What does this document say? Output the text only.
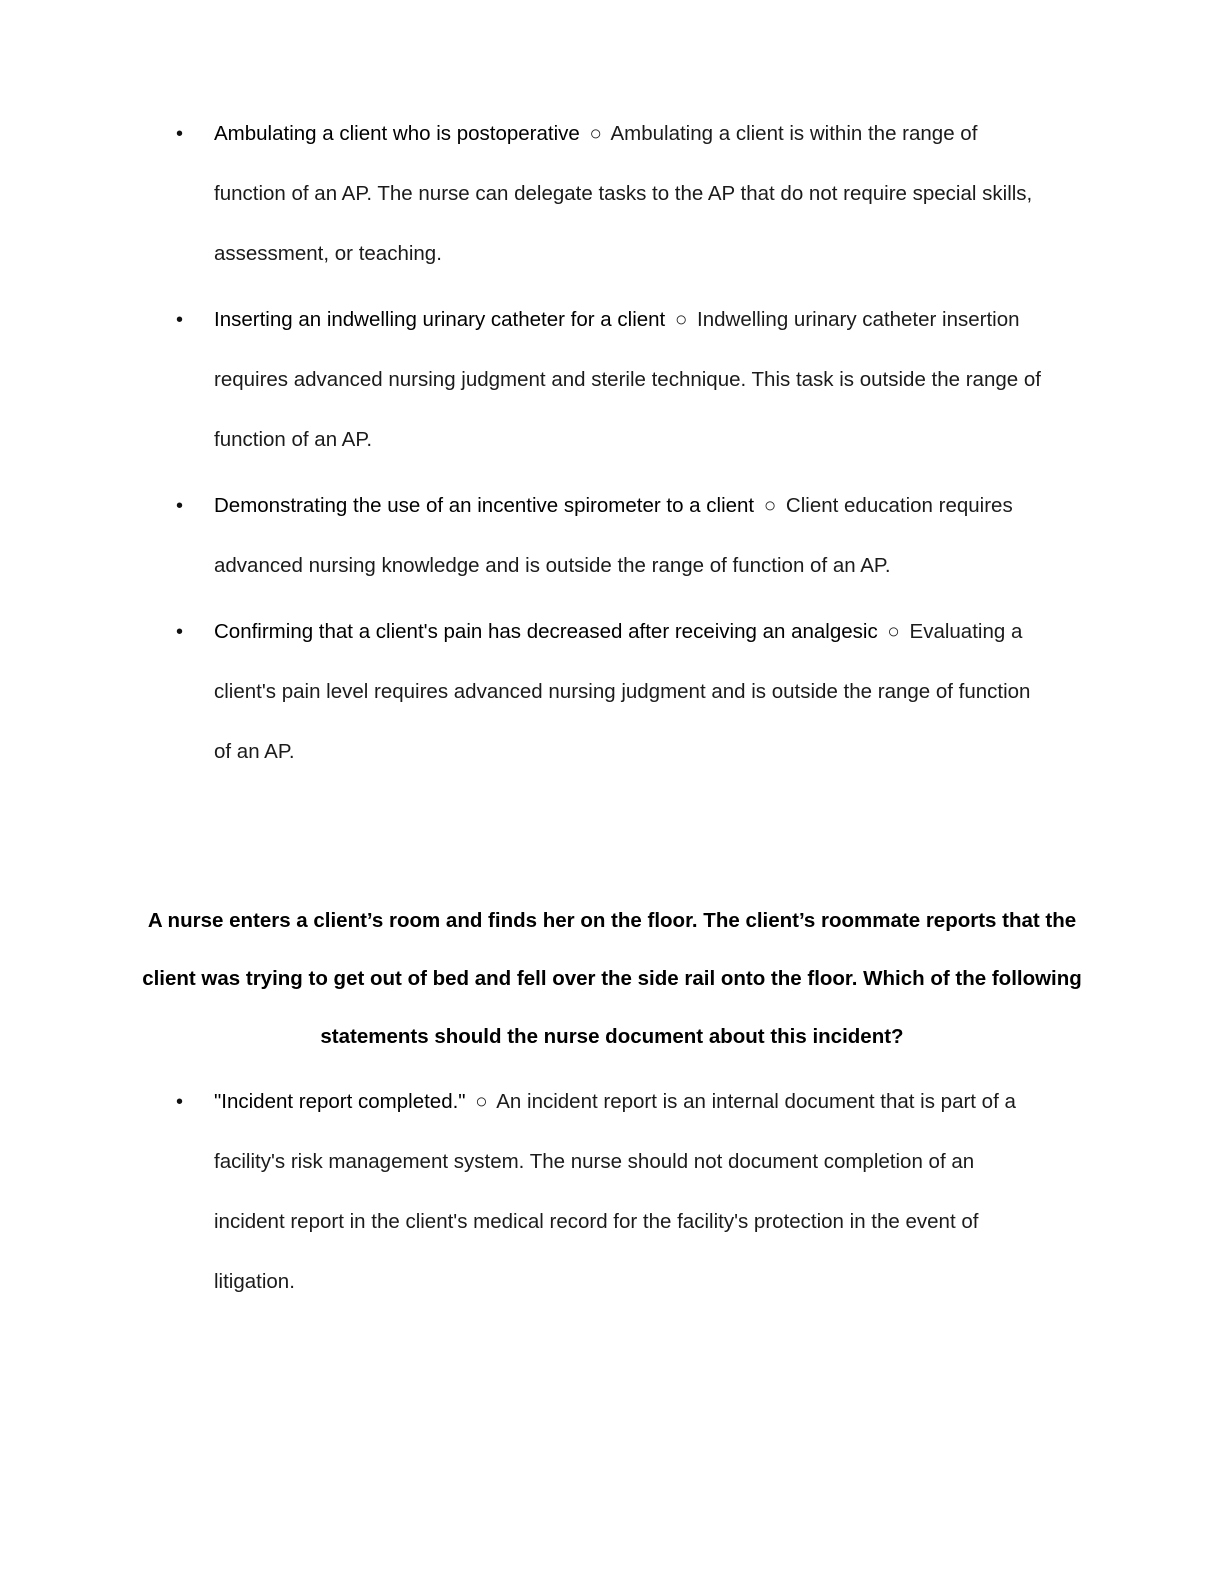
• Ambulating a client who is postoperative ○ Ambulating a client is within the range of function of an AP. The nurse can delegate tasks to the AP that do not require special skills, assessment, or teaching.
• Inserting an indwelling urinary catheter for a client ○ Indwelling urinary catheter insertion requires advanced nursing judgment and sterile technique. This task is outside the range of function of an AP.
• Demonstrating the use of an incentive spirometer to a client ○ Client education requires advanced nursing knowledge and is outside the range of function of an AP.
• Confirming that a client's pain has decreased after receiving an analgesic ○ Evaluating a client's pain level requires advanced nursing judgment and is outside the range of function of an AP.

A nurse enters a client’s room and finds her on the floor. The client’s roommate reports that the client was trying to get out of bed and fell over the side rail onto the floor. Which of the following statements should the nurse document about this incident?

• "Incident report completed." ○ An incident report is an internal document that is part of a facility's risk management system. The nurse should not document completion of an incident report in the client's medical record for the facility's protection in the event of litigation.
